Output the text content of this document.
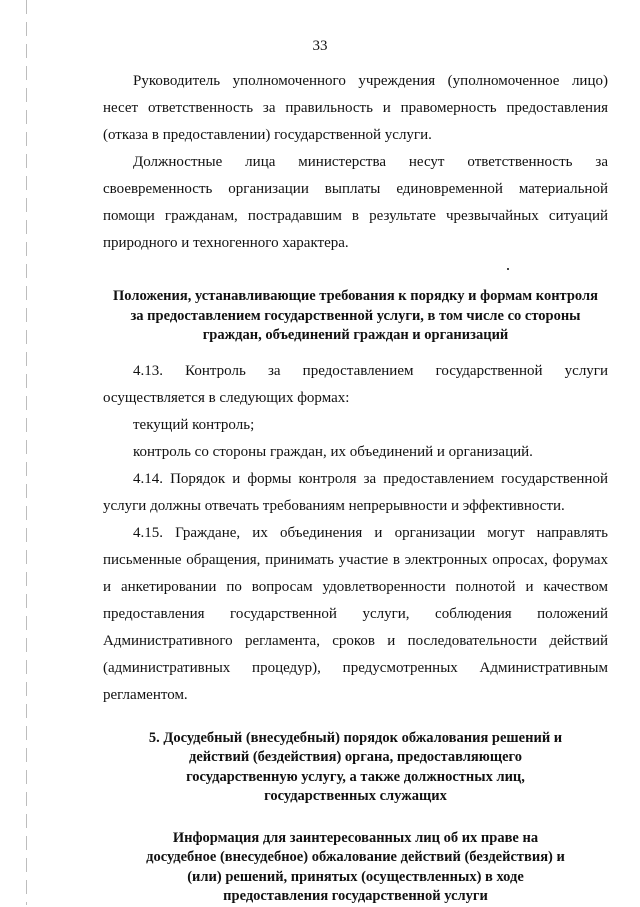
33

Руководитель уполномоченного учреждения (уполномоченное лицо) несет ответственность за правильность и правомерность предоставления (отказа в предоставлении) государственной услуги.

Должностные лица министерства несут ответственность за своевременность организации выплаты единовременной материальной помощи гражданам, пострадавшим в результате чрезвычайных ситуаций природного и техногенного характера.

Положения, устанавливающие требования к порядку и формам контроля за предоставлением государственной услуги, в том числе со стороны граждан, объединений граждан и организаций

4.13. Контроль за предоставлением государственной услуги осуществляется в следующих формах:

текущий контроль;

контроль со стороны граждан, их объединений и организаций.

4.14. Порядок и формы контроля за предоставлением государственной услуги должны отвечать требованиям непрерывности и эффективности.

4.15. Граждане, их объединения и организации могут направлять письменные обращения, принимать участие в электронных опросах, форумах и анкетировании по вопросам удовлетворенности полнотой и качеством предоставления государственной услуги, соблюдения положений Административного регламента, сроков и последовательности действий (административных процедур), предусмотренных Административным регламентом.

5. Досудебный (внесудебный) порядок обжалования решений и действий (бездействия) органа, предоставляющего государственную услугу, а также должностных лиц, государственных служащих

Информация для заинтересованных лиц об их праве на досудебное (внесудебное) обжалование действий (бездействия) и (или) решений, принятых (осуществленных) в ходе предоставления государственной услуги
